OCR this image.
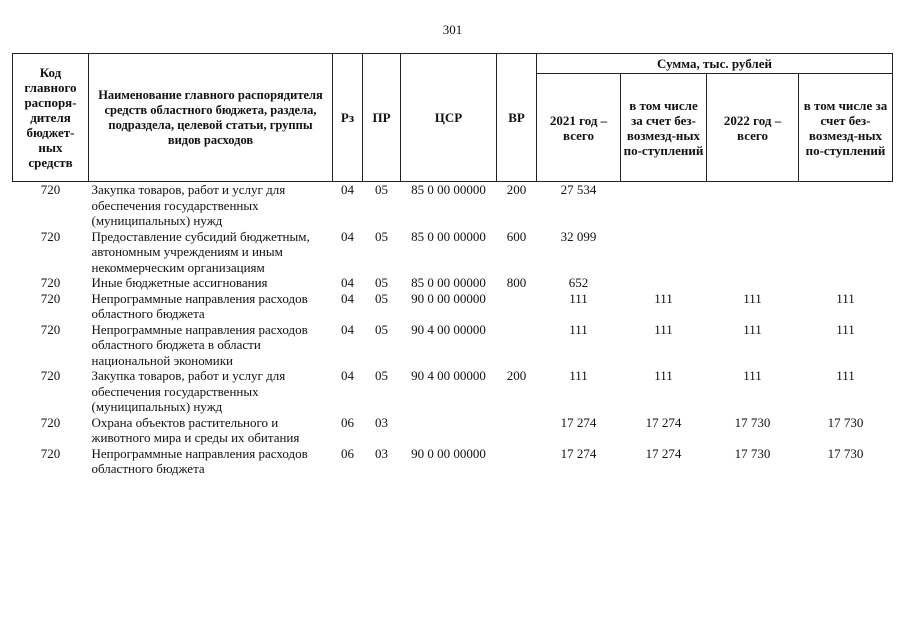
301
Код главного распоря-дителя бюджет-ных средств	Наименование главного распорядителя средств областного бюджета, раздела, подраздела, целевой статьи, группы видов расходов	Рз	ПР	ЦСР	ВР	Сумма, тыс. рублей			
						2021 год – всего	в том числе за счет без-возмезд-ных по-ступлений	2022 год – всего	в том числе за счет без-возмезд-ных по-ступлений
720	Закупка товаров, работ и услуг для обеспечения государственных (муниципальных) нужд	04	05	85 0 00 00000	200	27 534			
720	Предоставление субсидий бюджетным, автономным учреждениям и иным некоммерческим организациям	04	05	85 0 00 00000	600	32 099			
720	Иные бюджетные ассигнования	04	05	85 0 00 00000	800	652			
720	Непрограммные направления расходов областного бюджета	04	05	90 0 00 00000		111	111	111	111
720	Непрограммные направления расходов областного бюджета в области национальной экономики	04	05	90 4 00 00000		111	111	111	111
720	Закупка товаров, работ и услуг для обеспечения государственных (муниципальных) нужд	04	05	90 4 00 00000	200	111	111	111	111
720	Охрана объектов растительного и животного мира и среды их обитания	06	03			17 274	17 274	17 730	17 730
720	Непрограммные направления расходов областного бюджета	06	03	90 0 00 00000		17 274	17 274	17 730	17 730
